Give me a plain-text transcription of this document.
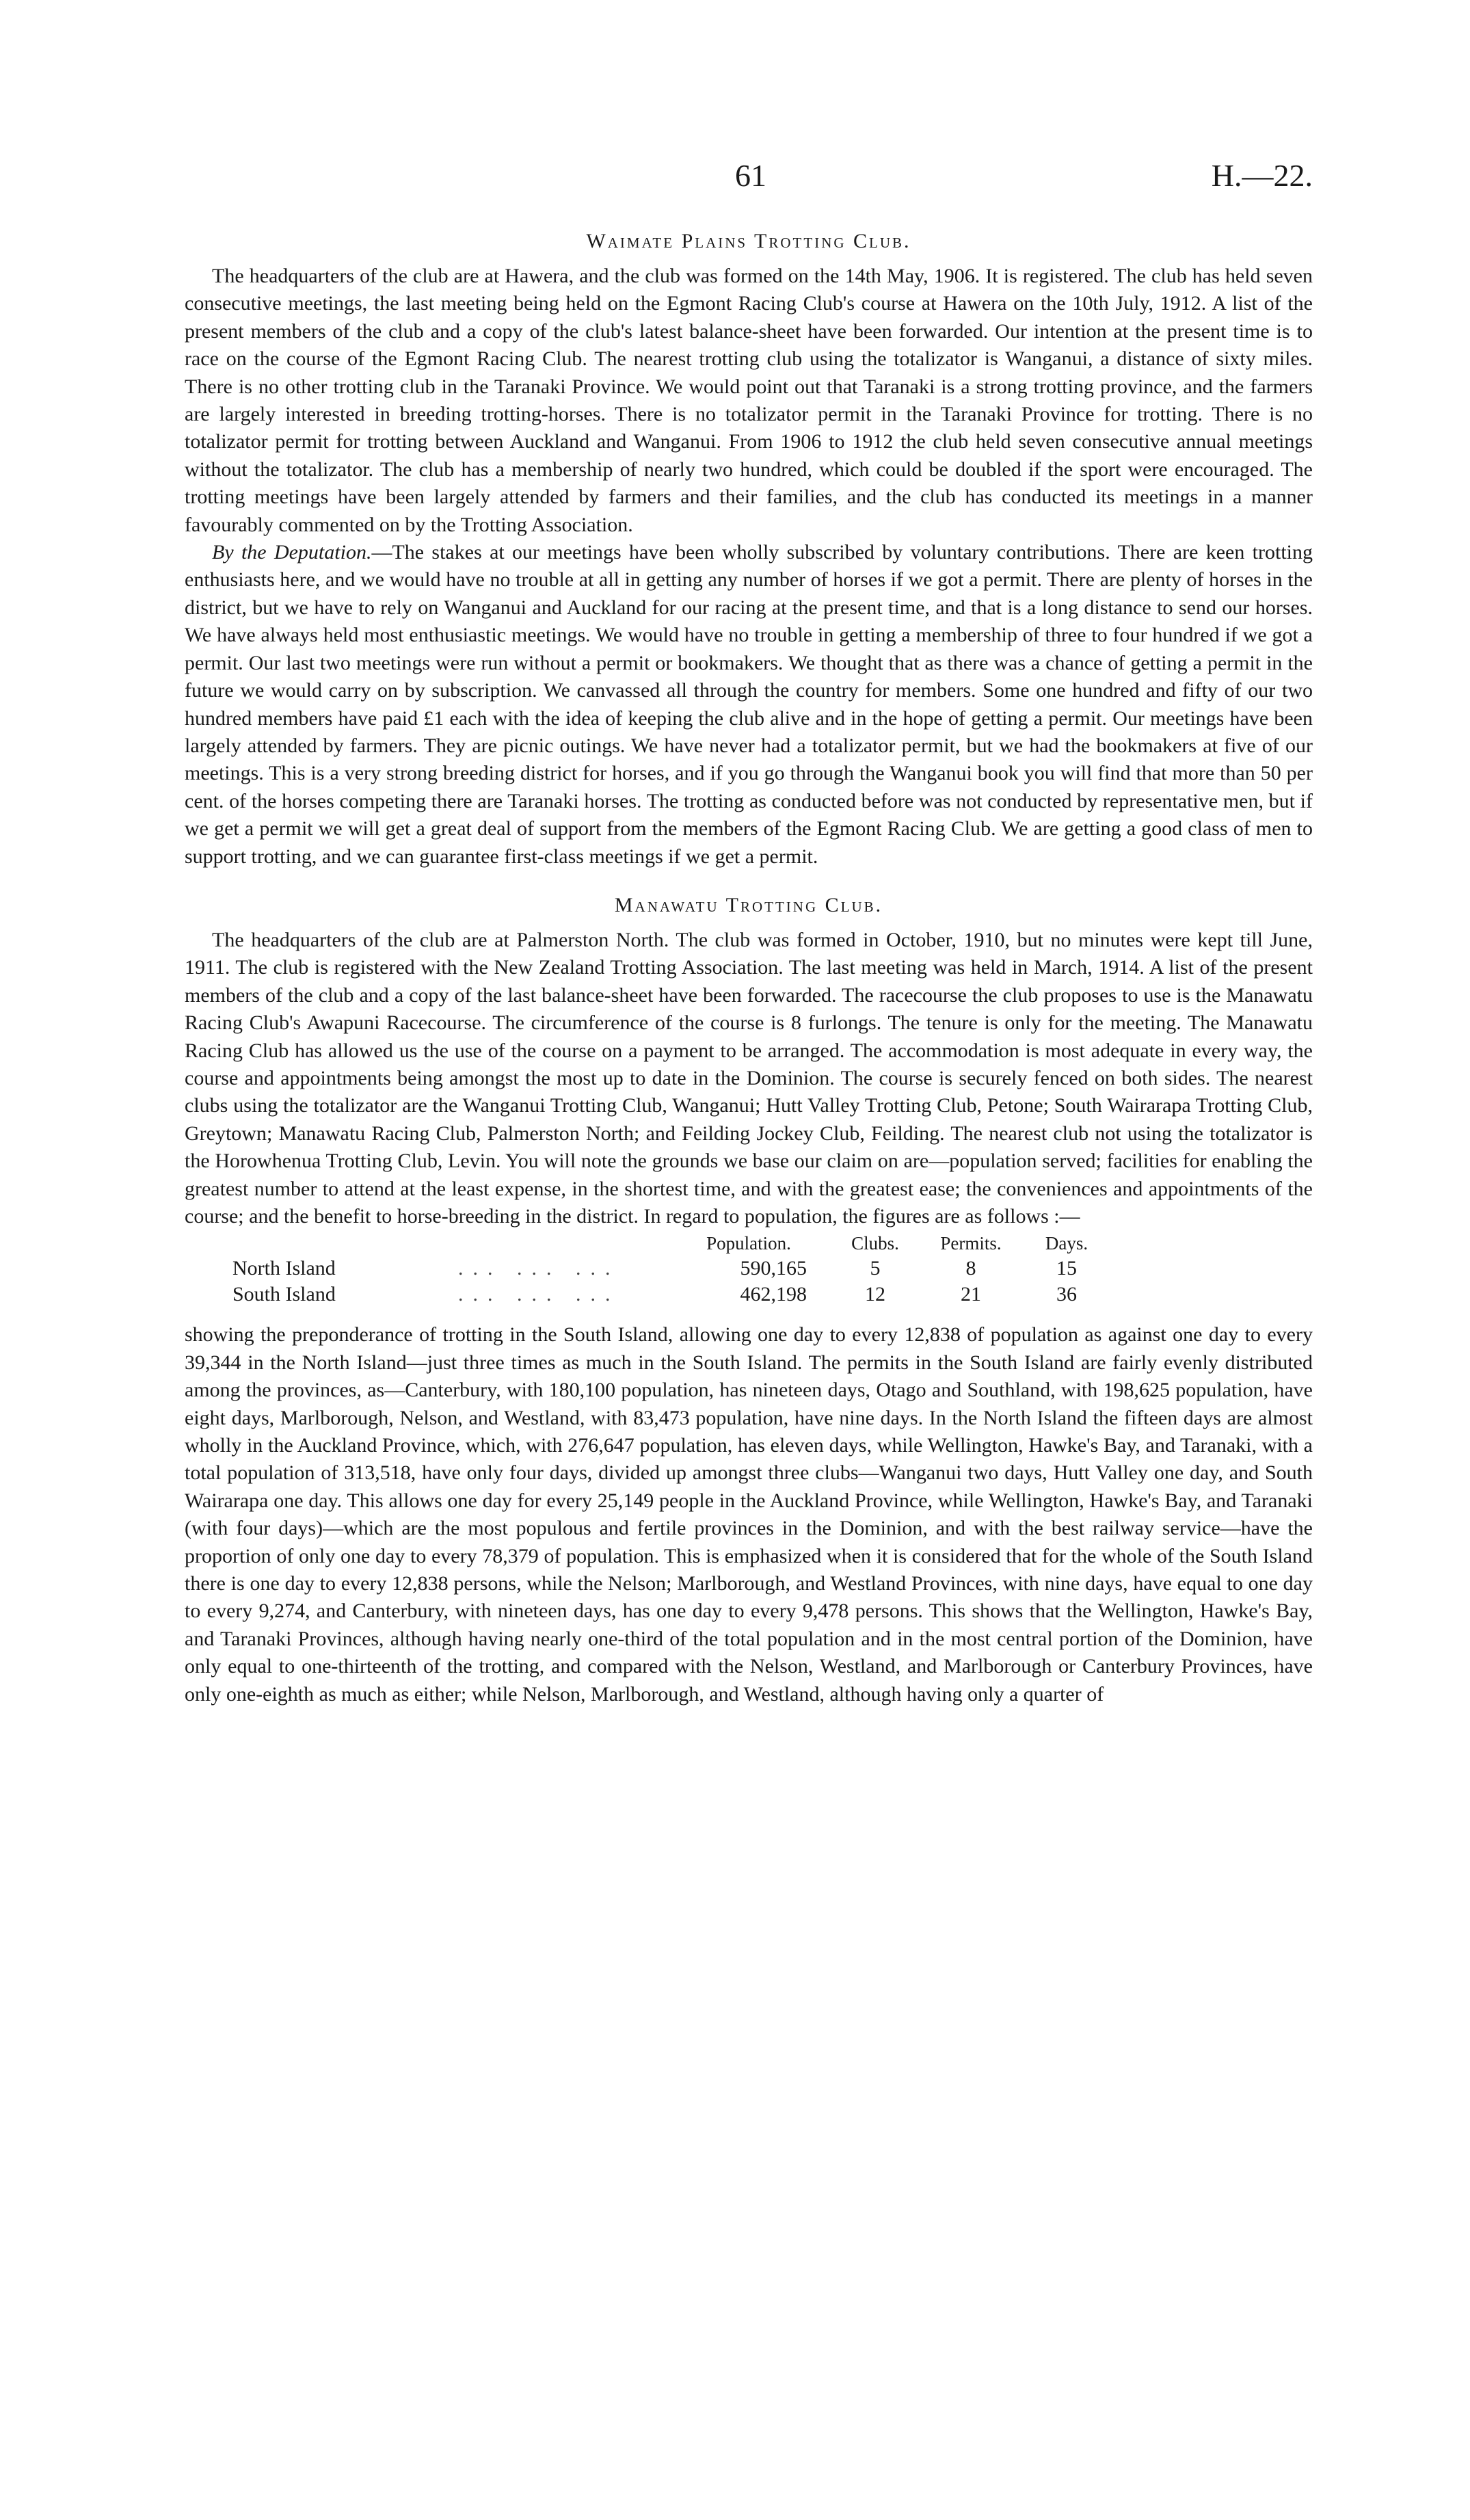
61	H.—22.
Waimate Plains Trotting Club.

The headquarters of the club are at Hawera, and the club was formed on the 14th May, 1906. It is registered. The club has held seven consecutive meetings, the last meeting being held on the Egmont Racing Club's course at Hawera on the 10th July, 1912. A list of the present members of the club and a copy of the club's latest balance-sheet have been forwarded. Our intention at the present time is to race on the course of the Egmont Racing Club. The nearest trotting club using the totalizator is Wanganui, a distance of sixty miles. There is no other trotting club in the Taranaki Province. We would point out that Taranaki is a strong trotting province, and the farmers are largely interested in breeding trotting-horses. There is no totalizator permit in the Taranaki Province for trotting. There is no totalizator permit for trotting between Auckland and Wanganui. From 1906 to 1912 the club held seven consecutive annual meetings without the totalizator. The club has a membership of nearly two hundred, which could be doubled if the sport were encouraged. The trotting meetings have been largely attended by farmers and their families, and the club has conducted its meetings in a manner favourably commented on by the Trotting Association.

By the Deputation.—The stakes at our meetings have been wholly subscribed by voluntary contributions. There are keen trotting enthusiasts here, and we would have no trouble at all in getting any number of horses if we got a permit. There are plenty of horses in the district, but we have to rely on Wanganui and Auckland for our racing at the present time, and that is a long distance to send our horses. We have always held most enthusiastic meetings. We would have no trouble in getting a membership of three to four hundred if we got a permit. Our last two meetings were run without a permit or bookmakers. We thought that as there was a chance of getting a permit in the future we would carry on by subscription. We canvassed all through the country for members. Some one hundred and fifty of our two hundred members have paid £1 each with the idea of keeping the club alive and in the hope of getting a permit. Our meetings have been largely attended by farmers. They are picnic outings. We have never had a totalizator permit, but we had the bookmakers at five of our meetings. This is a very strong breeding district for horses, and if you go through the Wanganui book you will find that more than 50 per cent. of the horses competing there are Taranaki horses. The trotting as conducted before was not conducted by representative men, but if we get a permit we will get a great deal of support from the members of the Egmont Racing Club. We are getting a good class of men to support trotting, and we can guarantee first-class meetings if we get a permit.

Manawatu Trotting Club.

The headquarters of the club are at Palmerston North. The club was formed in October, 1910, but no minutes were kept till June, 1911. The club is registered with the New Zealand Trotting Association. The last meeting was held in March, 1914. A list of the present members of the club and a copy of the last balance-sheet have been forwarded. The racecourse the club proposes to use is the Manawatu Racing Club's Awapuni Racecourse. The circumference of the course is 8 furlongs. The tenure is only for the meeting. The Manawatu Racing Club has allowed us the use of the course on a payment to be arranged. The accommodation is most adequate in every way, the course and appointments being amongst the most up to date in the Dominion. The course is securely fenced on both sides. The nearest clubs using the totalizator are the Wanganui Trotting Club, Wanganui; Hutt Valley Trotting Club, Petone; South Wairarapa Trotting Club, Greytown; Manawatu Racing Club, Palmerston North; and Feilding Jockey Club, Feilding. The nearest club not using the totalizator is the Horowhenua Trotting Club, Levin. You will note the grounds we base our claim on are—population served; facilities for enabling the greatest number to attend at the least expense, in the shortest time, and with the greatest ease; the conveniences and appointments of the course; and the benefit to horse-breeding in the district. In regard to population, the figures are as follows :—

		Population.	Clubs.	Permits.	Days.
North Island	... ... ...	590,165	5	8	15
South Island	... ... ...	462,198	12	21	36

showing the preponderance of trotting in the South Island, allowing one day to every 12,838 of population as against one day to every 39,344 in the North Island—just three times as much in the South Island. The permits in the South Island are fairly evenly distributed among the provinces, as—Canterbury, with 180,100 population, has nineteen days, Otago and Southland, with 198,625 population, have eight days, Marlborough, Nelson, and Westland, with 83,473 population, have nine days. In the North Island the fifteen days are almost wholly in the Auckland Province, which, with 276,647 population, has eleven days, while Wellington, Hawke's Bay, and Taranaki, with a total population of 313,518, have only four days, divided up amongst three clubs—Wanganui two days, Hutt Valley one day, and South Wairarapa one day. This allows one day for every 25,149 people in the Auckland Province, while Wellington, Hawke's Bay, and Taranaki (with four days)—which are the most populous and fertile provinces in the Dominion, and with the best railway service—have the proportion of only one day to every 78,379 of population. This is emphasized when it is considered that for the whole of the South Island there is one day to every 12,838 persons, while the Nelson; Marlborough, and Westland Provinces, with nine days, have equal to one day to every 9,274, and Canterbury, with nineteen days, has one day to every 9,478 persons. This shows that the Wellington, Hawke's Bay, and Taranaki Provinces, although having nearly one-third of the total population and in the most central portion of the Dominion, have only equal to one-thirteenth of the trotting, and compared with the Nelson, Westland, and Marlborough or Canterbury Provinces, have only one-eighth as much as either; while Nelson, Marlborough, and Westland, although having only a quarter of
